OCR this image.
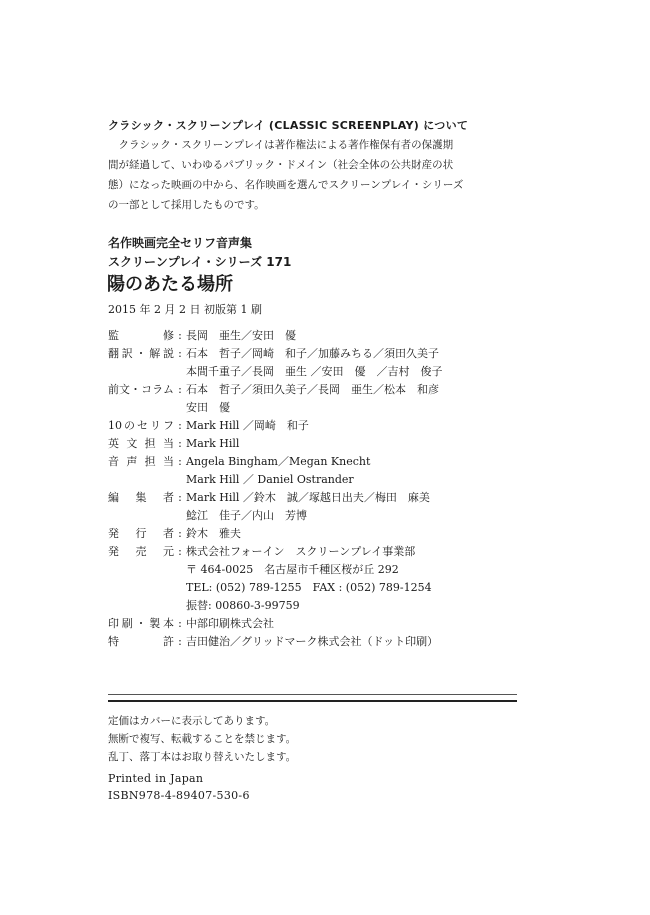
クラシック・スクリーンプレイ (CLASSIC SCREENPLAY) について
　クラシック・スクリーンプレイは著作権法による著作権保有者の保護期
間が経過して、いわゆるパブリック・ドメイン（社会全体の公共財産の状
態）になった映画の中から、名作映画を選んでスクリーンプレイ・シリーズ
の一部として採用したものです。
名作映画完全セリフ音声集
スクリーンプレイ・シリーズ 171
陽のあたる場所
2015 年 2 月 2 日 初版第 1 刷
監　　修 : 長岡　亜生／安田　優
翻訳・解説 : 石本　哲子／岡崎　和子／加藤みちる／須田久美子
本間千重子／長岡　亜生 ／安田　優　／吉村　俊子
前文・コラム : 石本　哲子／須田久美子／長岡　亜生／松本　和彦
安田　優
10のセリフ : Mark Hill ／岡崎　和子
英文担当 : Mark Hill
音声担当 : Angela Bingham／Megan Knecht
Mark Hill ／ Daniel Ostrander
編　集　者 : Mark Hill ／鈴木　誠／塚越日出夫／梅田　麻美
鯰江　佳子／内山　芳博
発　行　者 : 鈴木　雅夫
発　売　元 : 株式会社フォーイン　スクリーンプレイ事業部
〒 464-0025　名古屋市千種区桜が丘 292
TEL: (052) 789-1255　FAX : (052) 789-1254
振替: 00860-3-99759
印刷・製本 : 中部印刷株式会社
特　　許 : 吉田健治／グリッドマーク株式会社（ドット印刷）
定価はカバーに表示してあります。
無断で複写、転載することを禁じます。
乱丁、落丁本はお取り替えいたします。
Printed in Japan
ISBN978-4-89407-530-6
